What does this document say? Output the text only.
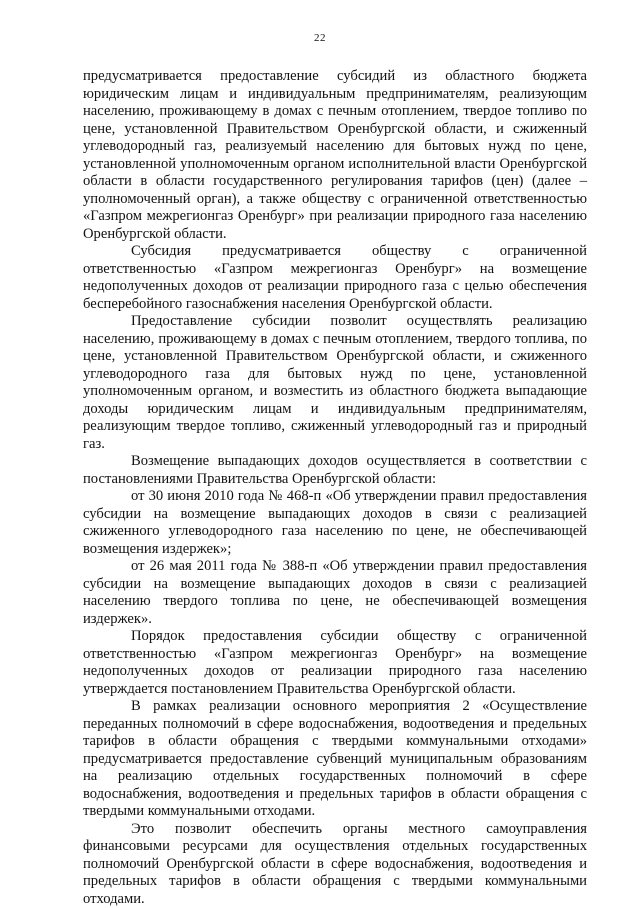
22

предусматривается предоставление субсидий из областного бюджета юридическим лицам и индивидуальным предпринимателям, реализующим населению, проживающему в домах с печным отоплением, твердое топливо по цене, установленной Правительством Оренбургской области, и сжиженный углеводородный газ, реализуемый населению для бытовых нужд по цене, установленной уполномоченным органом исполнительной власти Оренбургской области в области государственного регулирования тарифов (цен) (далее – уполномоченный орган), а также обществу с ограниченной ответственностью «Газпром межрегионгаз Оренбург» при реализации природного газа населению Оренбургской области.

Субсидия предусматривается обществу с ограниченной ответственностью «Газпром межрегионгаз Оренбург» на возмещение недополученных доходов от реализации природного газа с целью обеспечения бесперебойного газоснабжения населения Оренбургской области.

Предоставление субсидии позволит осуществлять реализацию населению, проживающему в домах с печным отоплением, твердого топлива, по цене, установленной Правительством Оренбургской области, и сжиженного углеводородного газа для бытовых нужд по цене, установленной уполномоченным органом, и возместить из областного бюджета выпадающие доходы юридическим лицам и индивидуальным предпринимателям, реализующим твердое топливо, сжиженный углеводородный газ и природный газ.

Возмещение выпадающих доходов осуществляется в соответствии с постановлениями Правительства Оренбургской области:

от 30 июня 2010 года № 468-п «Об утверждении правил предоставления субсидии на возмещение выпадающих доходов в связи с реализацией сжиженного углеводородного газа населению по цене, не обеспечивающей возмещения издержек»;

от 26 мая 2011 года № 388-п «Об утверждении правил предоставления субсидии на возмещение выпадающих доходов в связи с реализацией населению твердого топлива по цене, не обеспечивающей возмещения издержек».

Порядок предоставления субсидии обществу с ограниченной ответственностью «Газпром межрегионгаз Оренбург» на возмещение недополученных доходов от реализации природного газа населению утверждается постановлением Правительства Оренбургской области.

В рамках реализации основного мероприятия 2 «Осуществление переданных полномочий в сфере водоснабжения, водоотведения и предельных тарифов в области обращения с твердыми коммунальными отходами» предусматривается предоставление субвенций муниципальным образованиям на реализацию отдельных государственных полномочий в сфере водоснабжения, водоотведения и предельных тарифов в области обращения с твердыми коммунальными отходами.

Это позволит обеспечить органы местного самоуправления финансовыми ресурсами для осуществления отдельных государственных полномочий Оренбургской области в сфере водоснабжения, водоотведения и предельных тарифов в области обращения с твердыми коммунальными отходами.
